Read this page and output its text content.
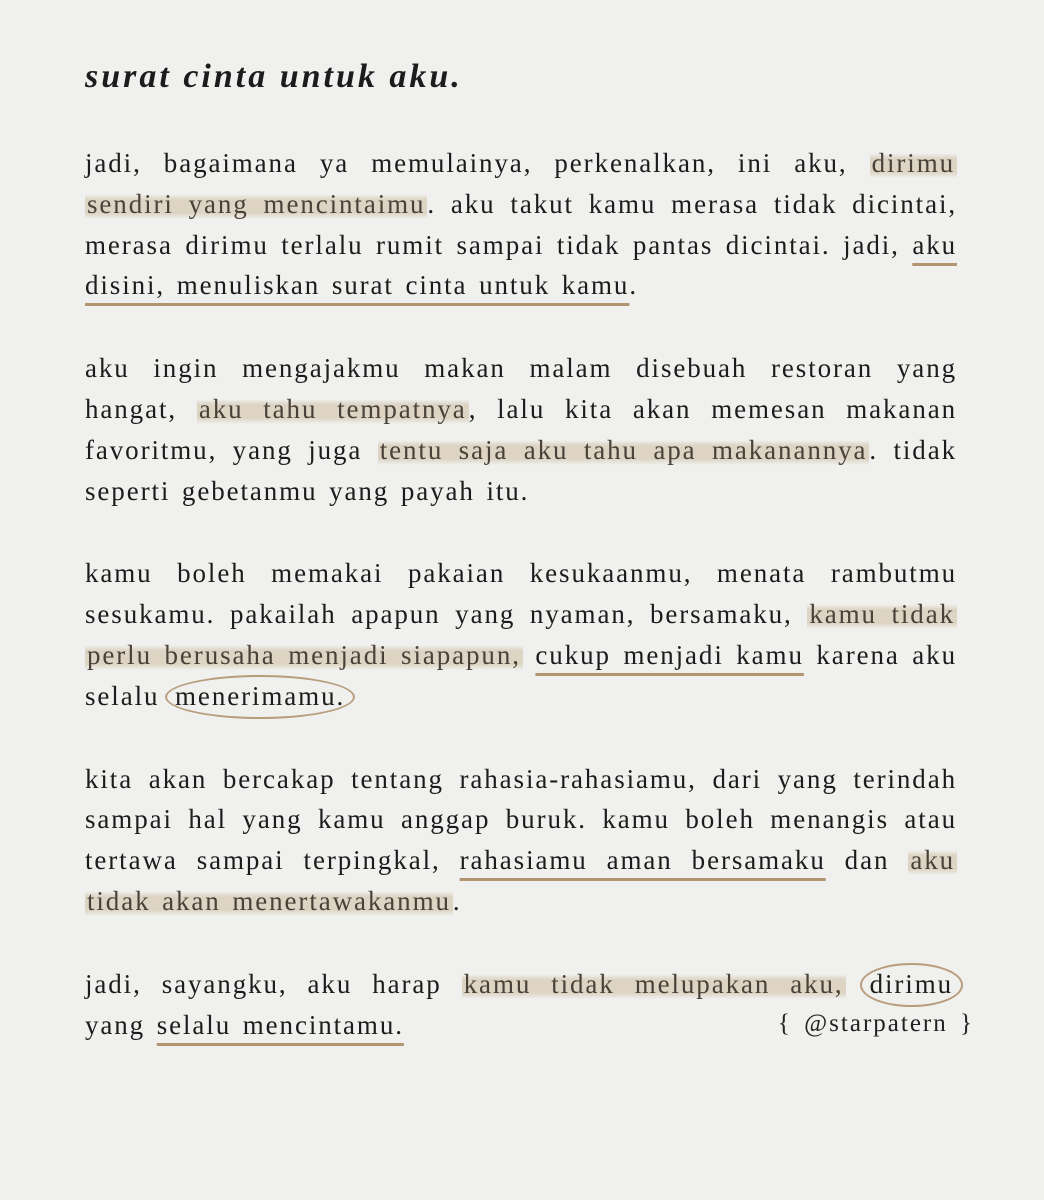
surat cinta untuk aku.

jadi, bagaimana ya memulainya, perkenalkan, ini aku, dirimu sendiri yang mencintaimu. aku takut kamu merasa tidak dicintai, merasa dirimu terlalu rumit sampai tidak pantas dicintai. jadi, aku disini, menuliskan surat cinta untuk kamu.

aku ingin mengajakmu makan malam disebuah restoran yang hangat, aku tahu tempatnya, lalu kita akan memesan makanan favoritmu, yang juga tentu saja aku tahu apa makanannya. tidak seperti gebetanmu yang payah itu.

kamu boleh memakai pakaian kesukaanmu, menata rambutmu sesukamu. pakailah apapun yang nyaman, bersamaku, kamu tidak perlu berusaha menjadi siapapun, cukup menjadi kamu karena aku selalu menerimamu.

kita akan bercakap tentang rahasia-rahasiamu, dari yang terindah sampai hal yang kamu anggap buruk. kamu boleh menangis atau tertawa sampai terpingkal, rahasiamu aman bersamaku dan aku tidak akan menertawakanmu.

jadi, sayangku, aku harap kamu tidak melupakan aku, dirimu yang selalu mencintamu.	{ @starpatern }
